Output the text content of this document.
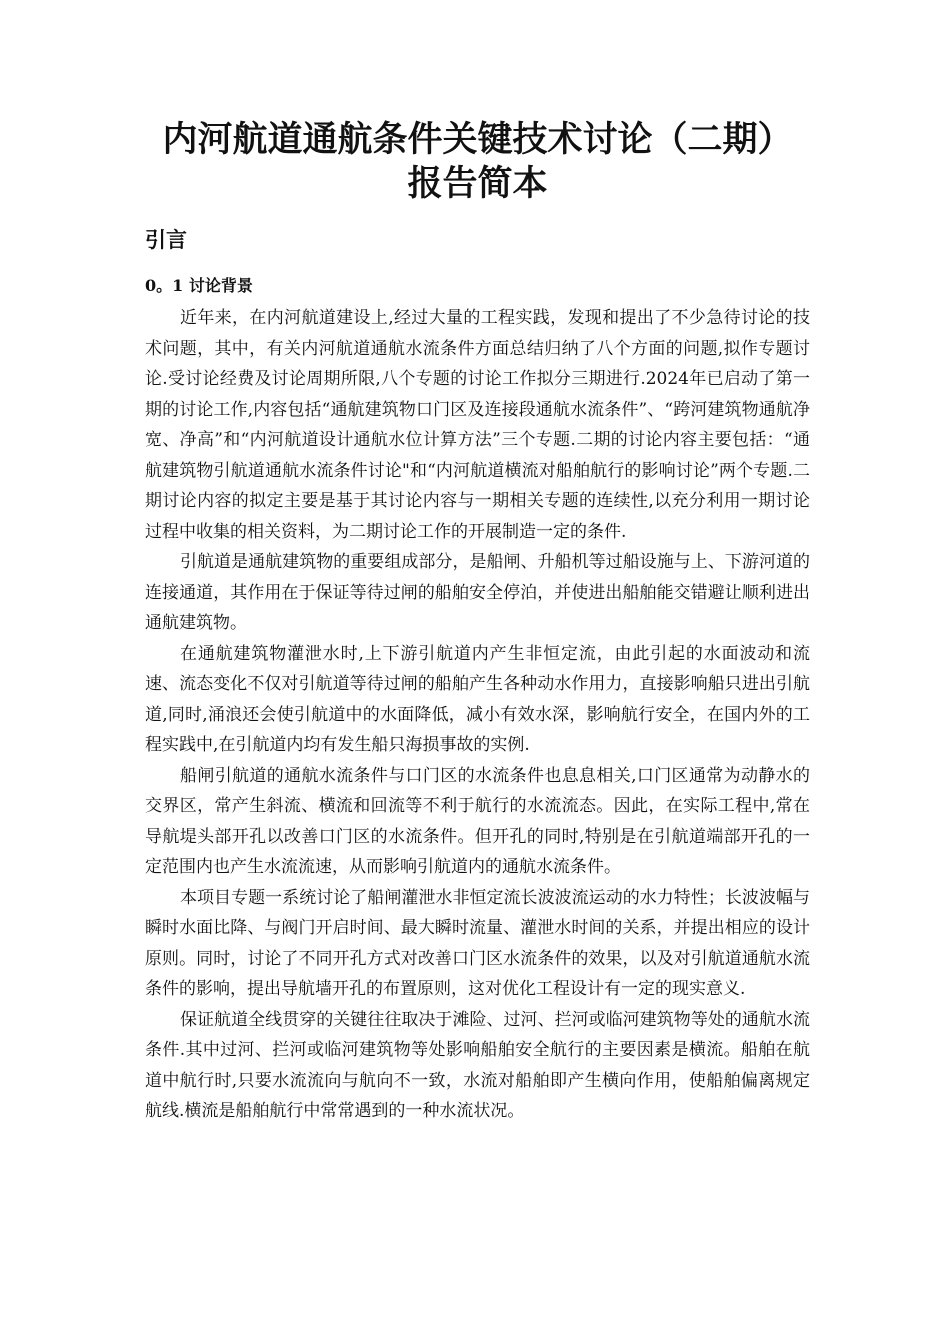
内河航道通航条件关键技术讨论（二期）
报告简本
引言
0。1 讨论背景

近年来，在内河航道建设上,经过大量的工程实践，发现和提出了不少急待讨论的技术问题，其中，有关内河航道通航水流条件方面总结归纳了八个方面的问题,拟作专题讨论.受讨论经费及讨论周期所限,八个专题的讨论工作拟分三期进行.2024年已启动了第一期的讨论工作,内容包括“通航建筑物口门区及连接段通航水流条件”、“跨河建筑物通航净宽、净高”和“内河航道设计通航水位计算方法”三个专题.二期的讨论内容主要包括：“通航建筑物引航道通航水流条件讨论"和“内河航道横流对船舶航行的影响讨论”两个专题.二期讨论内容的拟定主要是基于其讨论内容与一期相关专题的连续性,以充分利用一期讨论过程中收集的相关资料，为二期讨论工作的开展制造一定的条件.

引航道是通航建筑物的重要组成部分，是船闸、升船机等过船设施与上、下游河道的连接通道，其作用在于保证等待过闸的船舶安全停泊，并使进出船舶能交错避让顺利进出通航建筑物。

在通航建筑物灌泄水时,上下游引航道内产生非恒定流，由此引起的水面波动和流速、流态变化不仅对引航道等待过闸的船舶产生各种动水作用力，直接影响船只进出引航道,同时,涌浪还会使引航道中的水面降低，减小有效水深，影响航行安全，在国内外的工程实践中,在引航道内均有发生船只海损事故的实例.

船闸引航道的通航水流条件与口门区的水流条件也息息相关,口门区通常为动静水的交界区，常产生斜流、横流和回流等不利于航行的水流流态。因此，在实际工程中,常在导航堤头部开孔以改善口门区的水流条件。但开孔的同时,特别是在引航道端部开孔的一定范围内也产生水流流速，从而影响引航道内的通航水流条件。

本项目专题一系统讨论了船闸灌泄水非恒定流长波波流运动的水力特性；长波波幅与瞬时水面比降、与阀门开启时间、最大瞬时流量、灌泄水时间的关系，并提出相应的设计原则。同时，讨论了不同开孔方式对改善口门区水流条件的效果，以及对引航道通航水流条件的影响，提出导航墙开孔的布置原则，这对优化工程设计有一定的现实意义.

保证航道全线贯穿的关键往往取决于滩险、过河、拦河或临河建筑物等处的通航水流条件.其中过河、拦河或临河建筑物等处影响船舶安全航行的主要因素是横流。船舶在航道中航行时,只要水流流向与航向不一致，水流对船舶即产生横向作用，使船舶偏离规定航线.横流是船舶航行中常常遇到的一种水流状况。
